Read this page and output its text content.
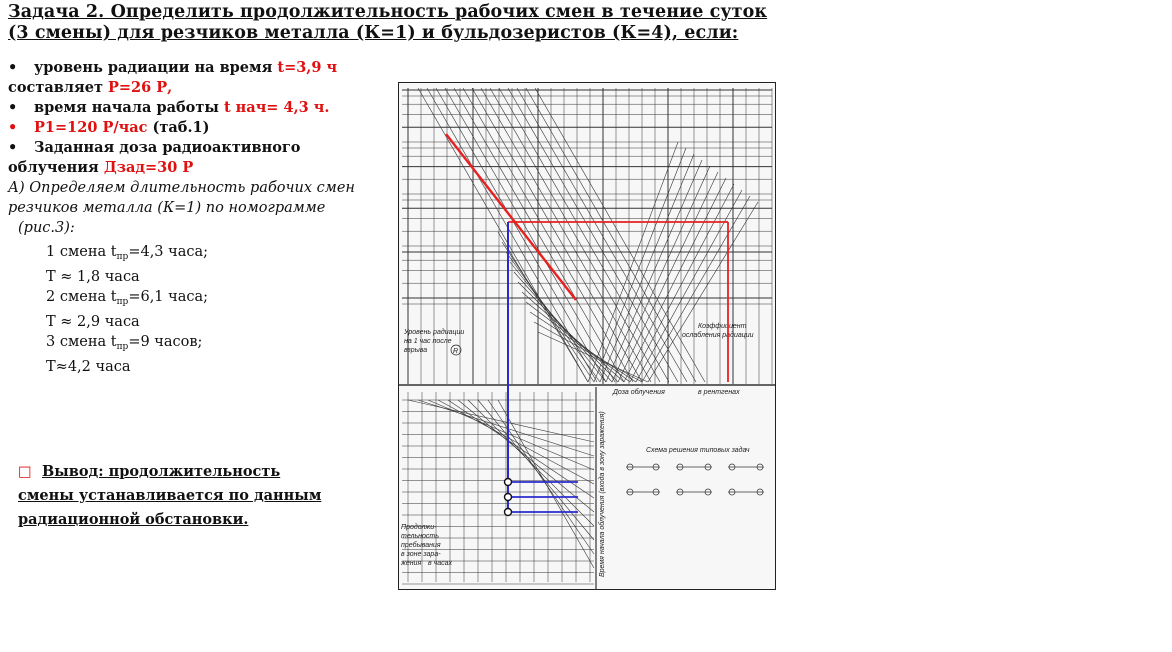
Задача 2. Определить продолжительность рабочих смен в течение суток (3 смены) для резчиков металла (К=1) и бульдозеристов (К=4), если:
• уровень радиации на время t=3,9 ч
составляет Р=26 Р,
• время начала работы t нач= 4,3 ч.
• Р1=120 Р/час (таб.1)
• Заданная доза радиоактивного
облучения Дзад=30 Р
А) Определяем длительность рабочих смен
резчиков металла (К=1) по номограмме
(рис.3):
1 смена $t_{пр}=4,3$ часа;
Т ≈ 1,8 часа
2 смена $t_{пр}=6,1$ часа;
Т ≈ 2,9 часа
3 смена $t_{пр}=9$ часов;
Т≈4,2 часа
□ Вывод: продолжительность
смены устанавливается по данным
радиационной обстановки.
Уровень радиации
на 1 час после
взрыва	R
Коэффициент
ослабления радиации
Доза облучения	в рентгенах
Продолжи-
тельность
пребывания
в зоне зара-
жения в часах
Схема решения типовых задач
Время начала облучения (входа в зону заражения)
Рис.3
